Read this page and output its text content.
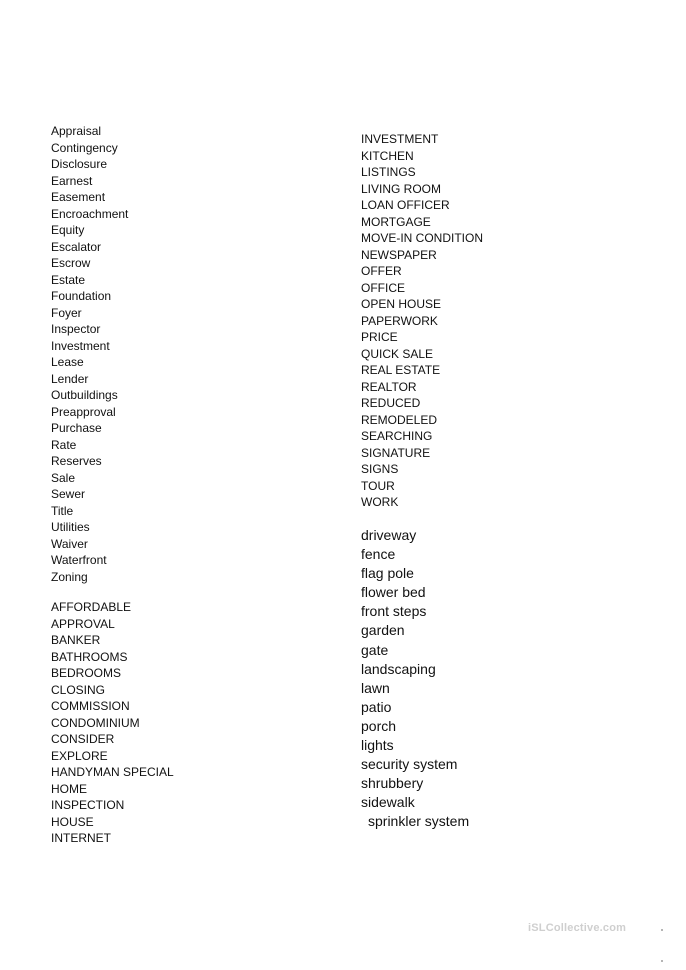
Appraisal
Contingency
Disclosure
Earnest
Easement
Encroachment
Equity
Escalator
Escrow
Estate
Foundation
Foyer
Inspector
Investment
Lease
Lender
Outbuildings
Preapproval
Purchase
Rate
Reserves
Sale
Sewer
Title
Utilities
Waiver
Waterfront
Zoning
AFFORDABLE
APPROVAL
BANKER
BATHROOMS
BEDROOMS
CLOSING
COMMISSION
CONDOMINIUM
CONSIDER
EXPLORE
HANDYMAN SPECIAL
HOME
INSPECTION
HOUSE
INTERNET
INVESTMENT
KITCHEN
LISTINGS
LIVING ROOM
LOAN OFFICER
MORTGAGE
MOVE-IN CONDITION
NEWSPAPER
OFFER
OFFICE
OPEN HOUSE
PAPERWORK
PRICE
QUICK SALE
REAL ESTATE
REALTOR
REDUCED
REMODELED
SEARCHING
SIGNATURE
SIGNS
TOUR
WORK
driveway
fence
flag pole
flower bed
front steps
garden
gate
landscaping
lawn
patio
porch
lights
security system
shrubbery
sidewalk
sprinkler system
iSLCollective.com
